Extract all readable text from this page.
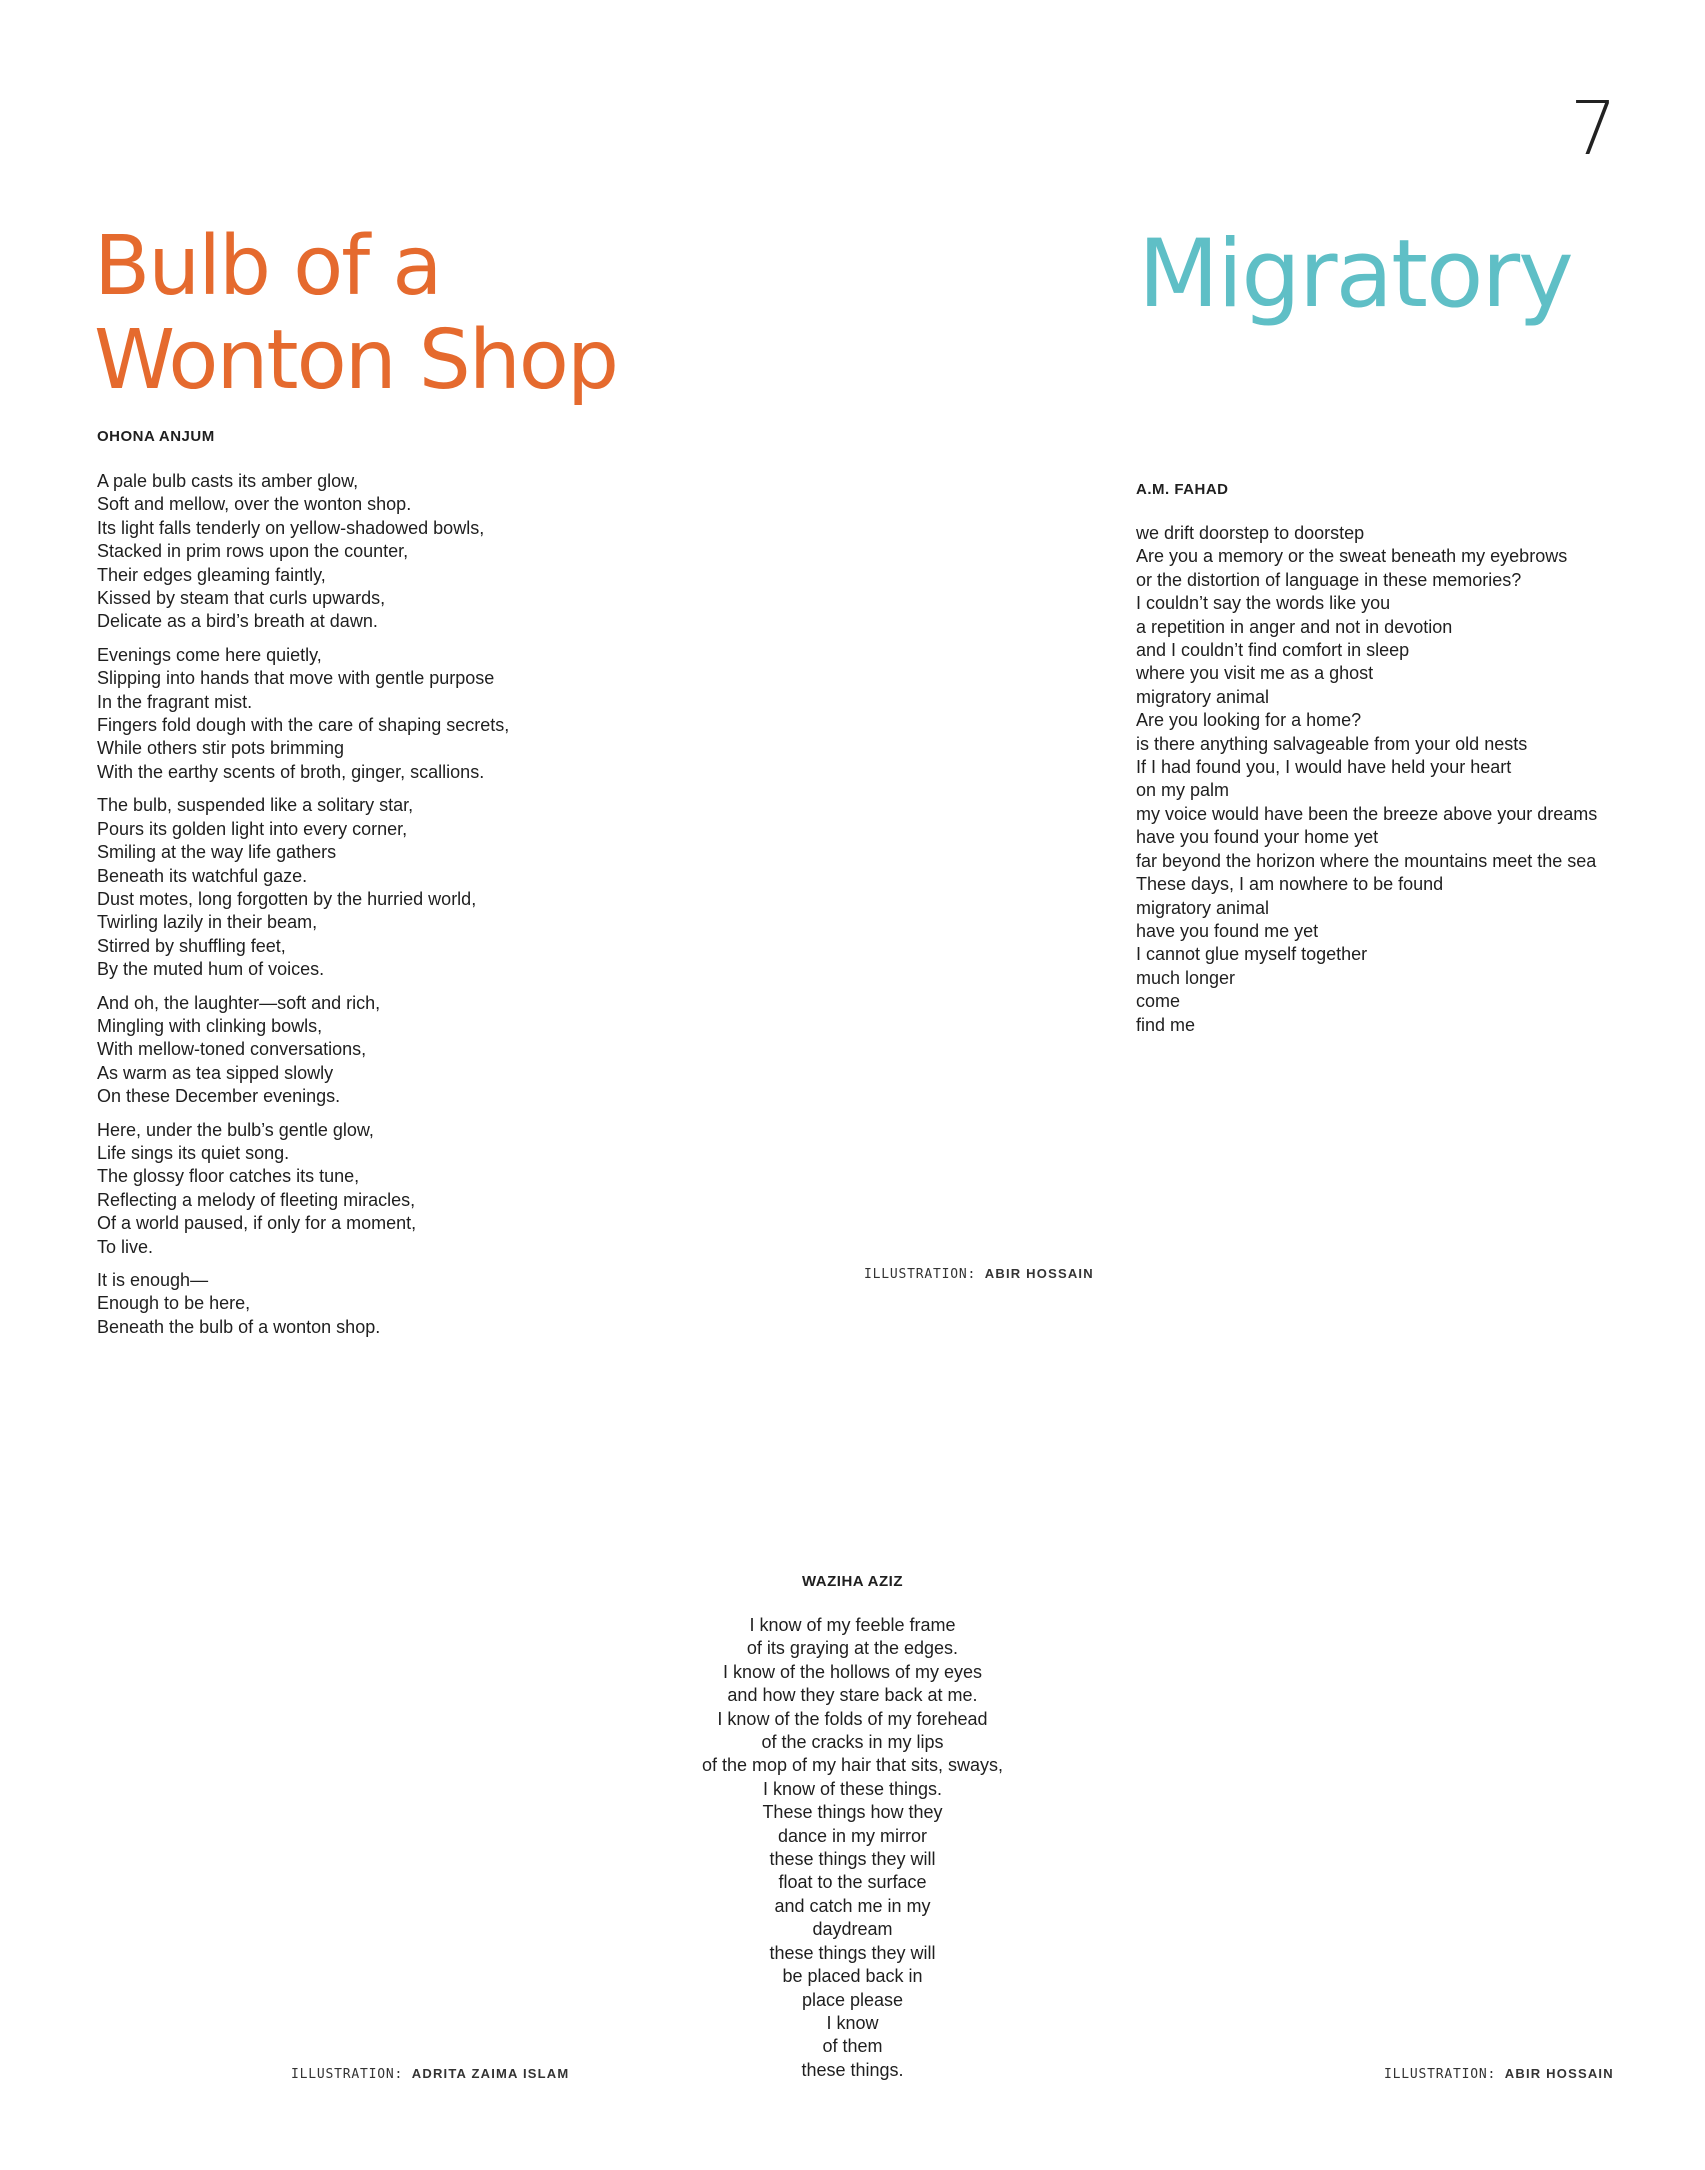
7
Bulb of a Wonton Shop
OHONA ANJUM
A pale bulb casts its amber glow,
Soft and mellow, over the wonton shop.
Its light falls tenderly on yellow-shadowed bowls,
Stacked in prim rows upon the counter,
Their edges gleaming faintly,
Kissed by steam that curls upwards,
Delicate as a bird’s breath at dawn.
Evenings come here quietly,
Slipping into hands that move with gentle purpose
In the fragrant mist.
Fingers fold dough with the care of shaping secrets,
While others stir pots brimming
With the earthy scents of broth, ginger, scallions.
The bulb, suspended like a solitary star,
Pours its golden light into every corner,
Smiling at the way life gathers
Beneath its watchful gaze.
Dust motes, long forgotten by the hurried world,
Twirling lazily in their beam,
Stirred by shuffling feet,
By the muted hum of voices.
And oh, the laughter—soft and rich,
Mingling with clinking bowls,
With mellow-toned conversations,
As warm as tea sipped slowly
On these December evenings.
Here, under the bulb’s gentle glow,
Life sings its quiet song.
The glossy floor catches its tune,
Reflecting a melody of fleeting miracles,
Of a world paused, if only for a moment,
To live.
It is enough—
Enough to be here,
Beneath the bulb of a wonton shop.
Migratory
A.M. FAHAD
we drift doorstep to doorstep
Are you a memory or the sweat beneath my eyebrows
or the distortion of language in these memories?
I couldn’t say the words like you
a repetition in anger and not in devotion
and I couldn’t find comfort in sleep
where you visit me as a ghost
migratory animal
Are you looking for a home?
is there anything salvageable from your old nests
If I had found you, I would have held your heart
on my palm
my voice would have been the breeze above your dreams
have you found your home yet
far beyond the horizon where the mountains meet the sea
These days, I am nowhere to be found
migratory animal
have you found me yet
I cannot glue myself together
much longer
come
find me
ILLUSTRATION: ABIR HOSSAIN
WAZIHA AZIZ
I know of my feeble frame
of its graying at the edges.
I know of the hollows of my eyes
and how they stare back at me.
I know of the folds of my forehead
of the cracks in my lips
of the mop of my hair that sits, sways,
I know of these things.
These things how they
dance in my mirror
these things they will
float to the surface
and catch me in my
daydream
these things they will
be placed back in
place please
I know
of them
these things.
ILLUSTRATION: ADRITA ZAIMA ISLAM	ILLUSTRATION: ABIR HOSSAIN
